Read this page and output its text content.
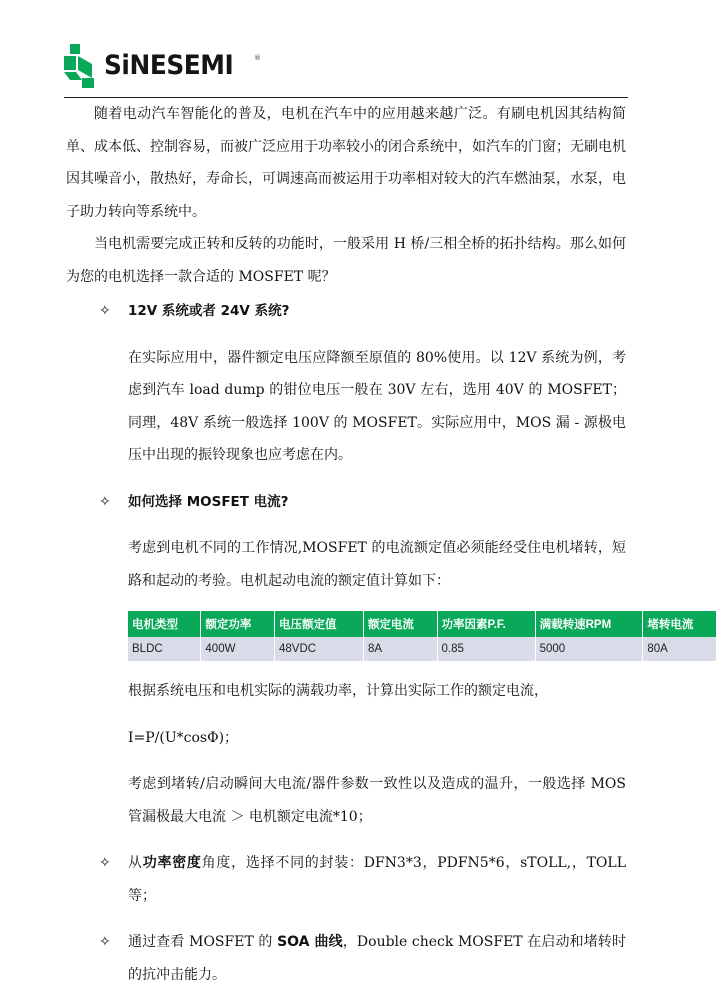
SiNESEMI	®

随着电动汽车智能化的普及，电机在汽车中的应用越来越广泛。有刷电机因其结构简单、成本低、控制容易，而被广泛应用于功率较小的闭合系统中，如汽车的门窗；无刷电机因其噪音小，散热好，寿命长，可调速高而被运用于功率相对较大的汽车燃油泵，水泵，电子助力转向等系统中。

当电机需要完成正转和反转的功能时，一般采用 H 桥/三相全桥的拓扑结构。那么如何为您的电机选择一款合适的 MOSFET 呢？

✧ 12V 系统或者 24V 系统?

在实际应用中，器件额定电压应降额至原值的 80%使用。以 12V 系统为例，考虑到汽车 load dump 的钳位电压一般在 30V 左右，选用 40V 的 MOSFET；同理，48V 系统一般选择 100V 的 MOSFET。实际应用中，MOS 漏 - 源极电压中出现的振铃现象也应考虑在内。

✧ 如何选择 MOSFET 电流?

考虑到电机不同的工作情况,MOSFET 的电流额定值必须能经受住电机堵转，短路和起动的考验。电机起动电流的额定值计算如下：

电机类型	额定功率	电压额定值	额定电流	功率因素P.F.	满载转速RPM	堵转电流
BLDC	400W	48VDC	8A	0.85	5000	80A

根据系统电压和电机实际的满载功率，计算出实际工作的额定电流，

I=P/(U*cosΦ)；

考虑到堵转/启动瞬间大电流/器件参数一致性以及造成的温升，一般选择 MOS 管漏极最大电流 ＞ 电机额定电流*10；

✧ 从功率密度角度，选择不同的封装：DFN3*3，PDFN5*6，sTOLL,，TOLL 等；

✧ 通过查看 MOSFET 的 SOA 曲线，Double check MOSFET 在启动和堵转时的抗冲击能力。
